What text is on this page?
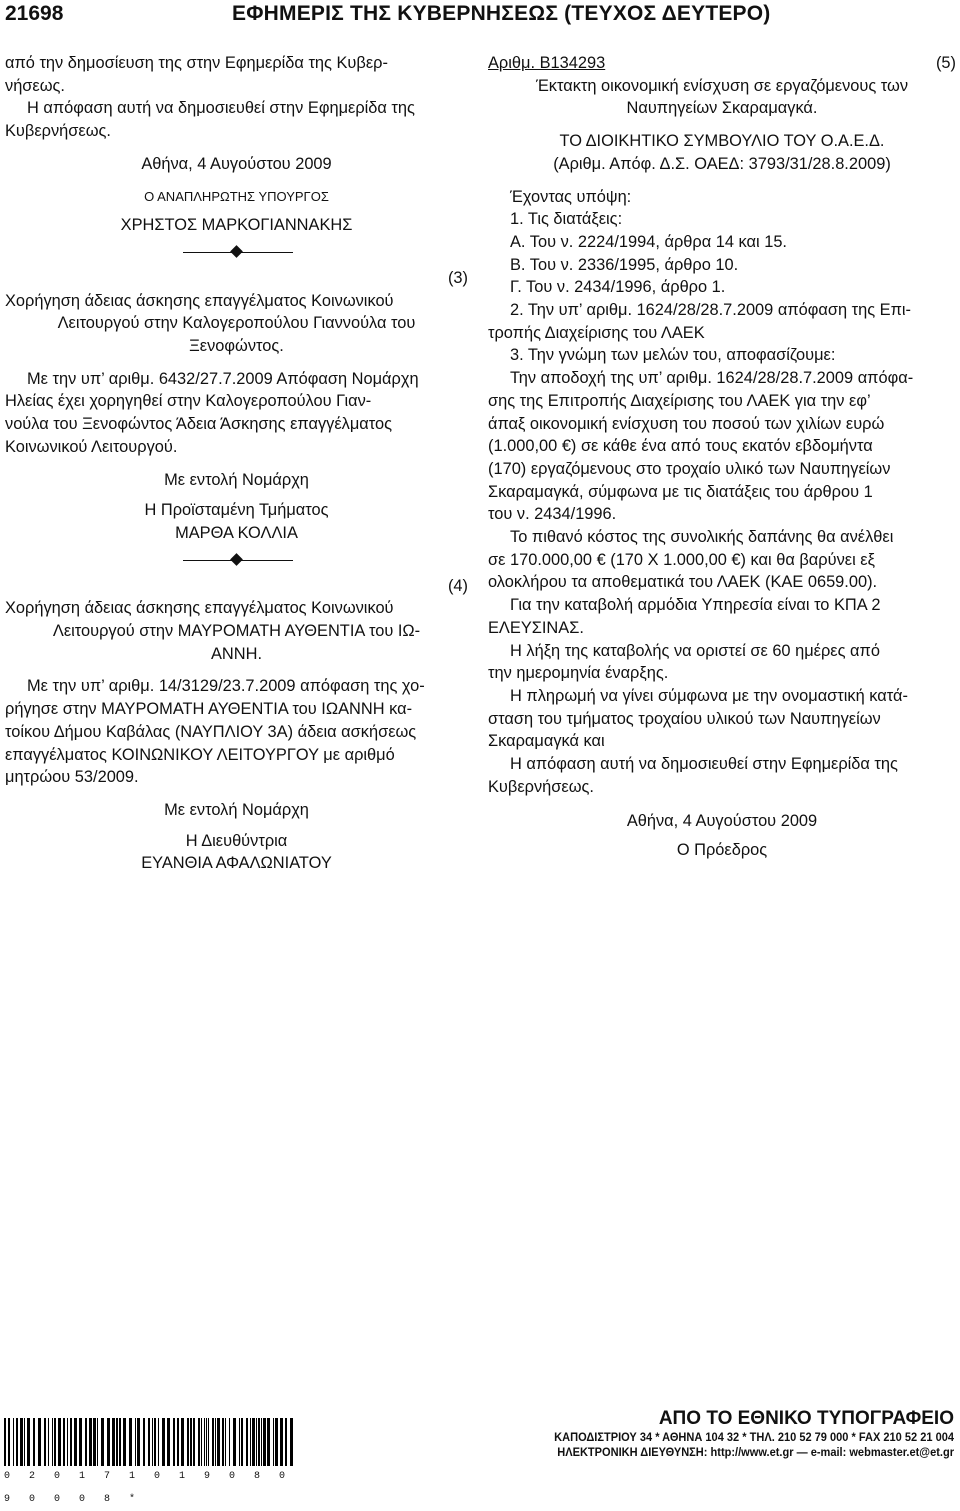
21698	ΕΦΗΜΕΡΙΣ ΤΗΣ ΚΥΒΕΡΝΗΣΕΩΣ (ΤΕΥΧΟΣ ΔΕΥΤΕΡΟ)

από την δημοσίευση της στην Εφημερίδα της Κυβερ-

νήσεως.

Η απόφαση αυτή να δημοσιευθεί στην Εφημερίδα της

Κυβερνήσεως.

Αθήνα, 4 Αυγούστου 2009

Ο ΑΝΑΠΛΗΡΩΤΗΣ ΥΠΟΥΡΓΟΣ

ΧΡΗΣΤΟΣ ΜΑΡΚΟΓΙΑΝΝΑΚΗΣ

(3)

Χορήγηση άδειας άσκησης επαγγέλματος Κοινωνικού

Λειτουργού στην Καλογεροπούλου Γιαννούλα του

Ξενοφώντος.

Με την υπ’ αριθμ. 6432/27.7.2009 Απόφαση Νομάρχη

Ηλείας έχει χορηγηθεί στην Καλογεροπούλου Γιαν-

νούλα του Ξενοφώντος Άδεια Άσκησης επαγγέλματος

Κοινωνικού Λειτουργού.

Με εντολή Νομάρχη

Η Προϊσταμένη Τμήματος

ΜΑΡΘΑ ΚΟΛΛΙΑ

(4)

Χορήγηση άδειας άσκησης επαγγέλματος Κοινωνικού

Λειτουργού στην ΜΑΥΡΟΜΑΤΗ ΑΥΘΕΝΤΙΑ του ΙΩ-

ΑΝΝΗ.

Με την υπ’ αριθμ. 14/3129/23.7.2009 απόφαση της χο-

ρήγησε στην ΜΑΥΡΟΜΑΤΗ ΑΥΘΕΝΤΙΑ του ΙΩΑΝΝΗ κα-

τοίκου Δήμου Καβάλας (ΝΑΥΠΛΙΟΥ 3Α) άδεια ασκήσεως

επαγγέλματος ΚΟΙΝΩΝΙΚΟΥ ΛΕΙΤΟΥΡΓΟΥ με αριθμό

μητρώου 53/2009.

Με εντολή Νομάρχη

Η Διευθύντρια

ΕΥΑΝΘΙΑ ΑΦΑΛΩΝΙΑΤΟΥ

Αριθμ. Β134293	(5)

Έκτακτη οικονομική ενίσχυση σε εργαζόμενους των

Ναυπηγείων Σκαραμαγκά.

ΤΟ ΔΙΟΙΚΗΤΙΚΟ ΣΥΜΒΟΥΛΙΟ ΤΟΥ Ο.Α.Ε.Δ.

(Αριθμ. Απόφ. Δ.Σ. ΟΑΕΔ: 3793/31/28.8.2009)

Έχοντας υπόψη:

1. Τις διατάξεις:

Α. Του ν. 2224/1994, άρθρα 14 και 15.

Β. Του ν. 2336/1995, άρθρο 10.

Γ. Του ν. 2434/1996, άρθρο 1.

2. Την υπ’ αριθμ. 1624/28/28.7.2009 απόφαση της Επι-

τροπής Διαχείρισης του ΛΑΕΚ

3. Την γνώμη των μελών του, αποφασίζουμε:

Την αποδοχή της υπ’ αριθμ. 1624/28/28.7.2009 απόφα-

σης της Επιτροπής Διαχείρισης του ΛΑΕΚ για την εφ’

άπαξ οικονομική ενίσχυση του ποσού των χιλίων ευρώ

(1.000,00 €) σε κάθε ένα από τους εκατόν εβδομήντα

(170) εργαζόμενους στο τροχαίο υλικό των Ναυπηγείων

Σκαραμαγκά, σύμφωνα με τις διατάξεις του άρθρου 1

του ν. 2434/1996.

Το πιθανό κόστος της συνολικής δαπάνης θα ανέλθει

σε 170.000,00 € (170 Χ 1.000,00 €) και θα βαρύνει εξ

ολοκλήρου τα αποθεματικά του ΛΑΕΚ (ΚΑΕ 0659.00).

Για την καταβολή αρμόδια Υπηρεσία είναι το ΚΠΑ 2

ΕΛΕΥΣΙΝΑΣ.

Η λήξη της καταβολής να οριστεί σε 60 ημέρες από

την ημερομηνία έναρξης.

Η πληρωμή να γίνει σύμφωνα με την ονομαστική κατά-

σταση του τμήματος τροχαίου υλικού των Ναυπηγείων

Σκαραμαγκά και

Η απόφαση αυτή να δημοσιευθεί στην Εφημερίδα της

Κυβερνήσεως.

Αθήνα, 4 Αυγούστου 2009

Ο Πρόεδρος

0 2 0 1 7 1 0 1 9 0 8 0 9 0 0 0 8 *
ΑΠΟ ΤΟ ΕΘΝΙΚΟ ΤΥΠΟΓΡΑΦΕΙΟ
ΚΑΠΟΔΙΣΤΡΙΟΥ 34 * ΑΘΗΝΑ 104 32 * ΤΗΛ. 210 52 79 000 * FAX 210 52 21 004
ΗΛΕΚΤΡΟΝΙΚΗ ΔΙΕΥΘΥΝΣΗ: http://www.et.gr — e-mail: webmaster.et@et.gr
